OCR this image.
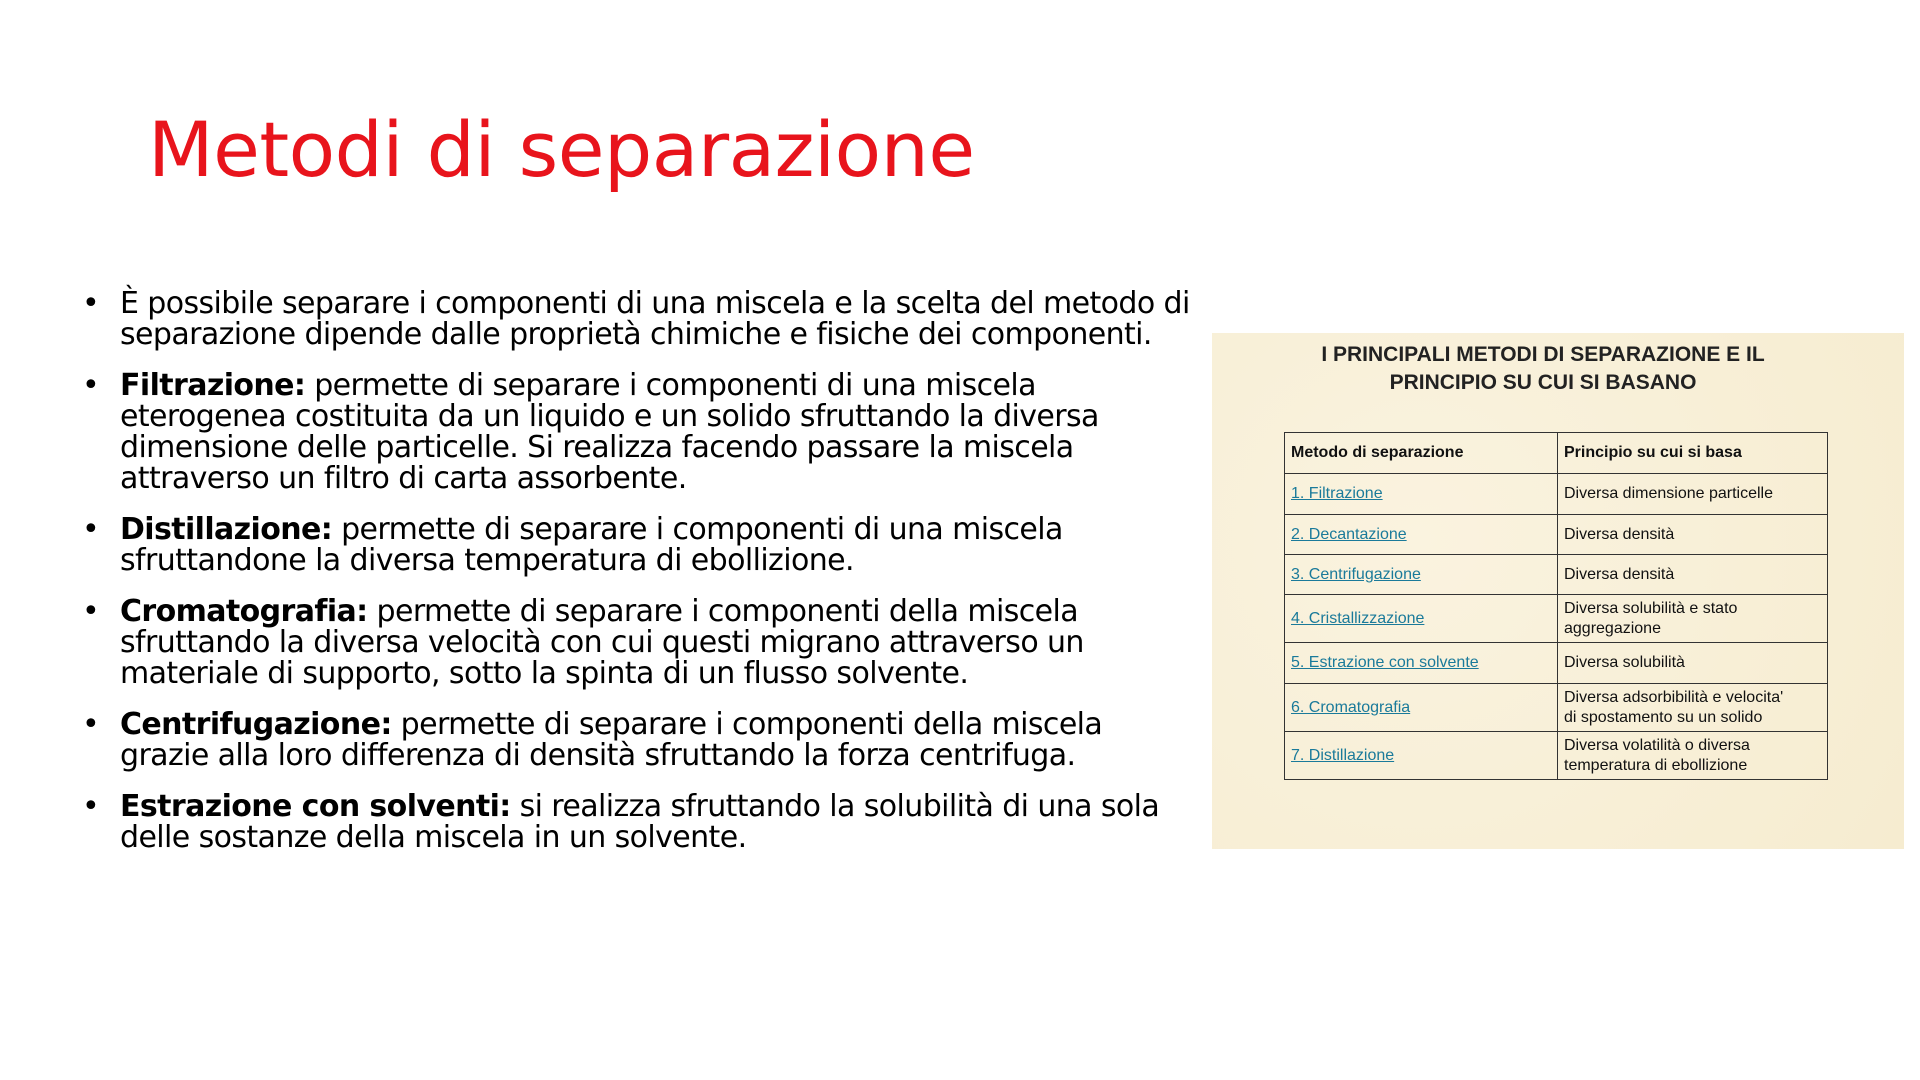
Metodi di separazione
• È possibile separare i componenti di una miscela e la scelta del metodo di separazione dipende dalle proprietà chimiche e fisiche dei componenti.
• Filtrazione: permette di separare i componenti di una miscela eterogenea costituita da un liquido e un solido sfruttando la diversa dimensione delle particelle. Si realizza facendo passare la miscela attraverso un filtro di carta assorbente.
• Distillazione: permette di separare i componenti di una miscela sfruttandone la diversa temperatura di ebollizione.
• Cromatografia: permette di separare i componenti della miscela sfruttando la diversa velocità con cui questi migrano attraverso un materiale di supporto, sotto la spinta di un flusso solvente.
• Centrifugazione: permette di separare i componenti della miscela grazie alla loro differenza di densità sfruttando la forza centrifuga.
• Estrazione con solventi: si realizza sfruttando la solubilità di una sola delle sostanze della miscela in un solvente.
I PRINCIPALI METODI DI SEPARAZIONE E IL
PRINCIPIO SU CUI SI BASANO
Metodo di separazione	Principio su cui si basa
1. Filtrazione	Diversa dimensione particelle

2. Decantazione	Diversa densità

3. Centrifugazione	Diversa densità

4. Cristallizzazione	Diversa solubilità e stato
aggregazione

5. Estrazione con solvente	Diversa solubilità

6. Cromatografia	Diversa adsorbibilità e velocita'
di spostamento su un solido

7. Distillazione	Diversa volatilità o diversa
temperatura di ebollizione
